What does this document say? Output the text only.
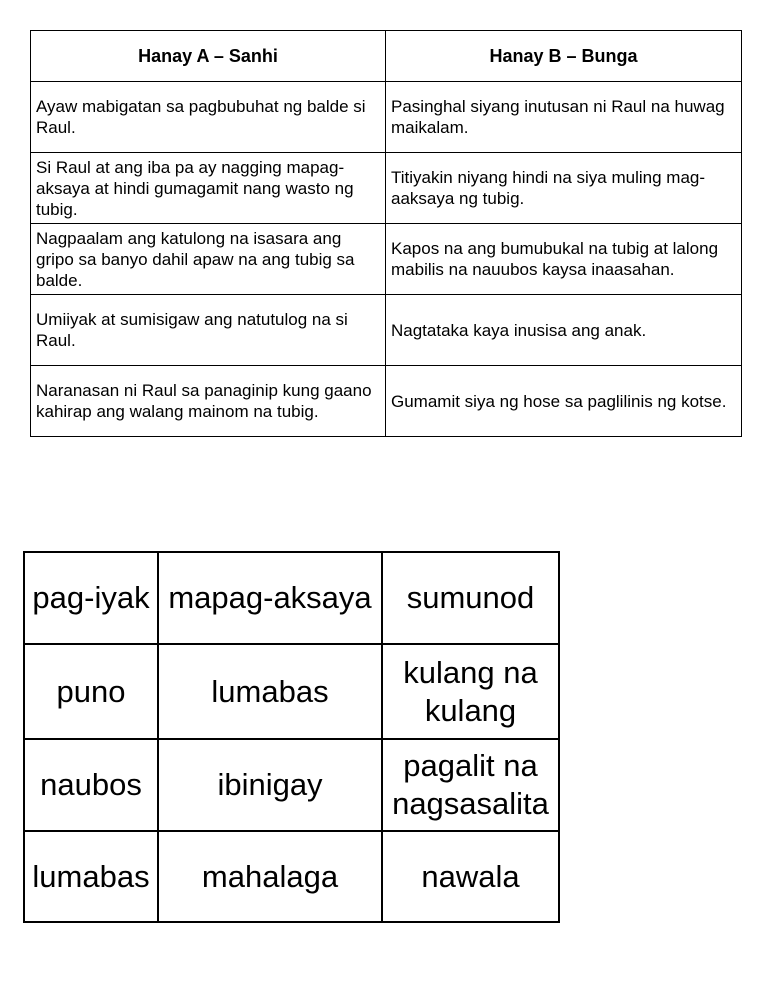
Hanay A – Sanhi	Hanay B – Bunga
Ayaw mabigatan sa pagbubuhat ng balde si Raul.	Pasinghal siyang inutusan ni Raul na huwag maikalam.
Si Raul at ang iba pa ay nagging mapag-aksaya at hindi gumagamit nang wasto ng tubig.	Titiyakin niyang hindi na siya muling mag-aaksaya ng tubig.
Nagpaalam ang katulong na isasara ang gripo sa banyo dahil apaw na ang tubig sa balde.	Kapos na ang bumubukal na tubig at lalong mabilis na nauubos kaysa inaasahan.
Umiiyak at sumisigaw ang natutulog na si Raul.	Nagtataka kaya inusisa ang anak.
Naranasan ni Raul sa panaginip kung gaano kahirap ang walang mainom na tubig.	Gumamit siya ng hose sa paglilinis ng kotse.
pag-iyak	mapag-aksaya	sumunod
puno	lumabas	kulang na kulang
naubos	ibinigay	pagalit na nagsasalita
lumabas	mahalaga	nawala
